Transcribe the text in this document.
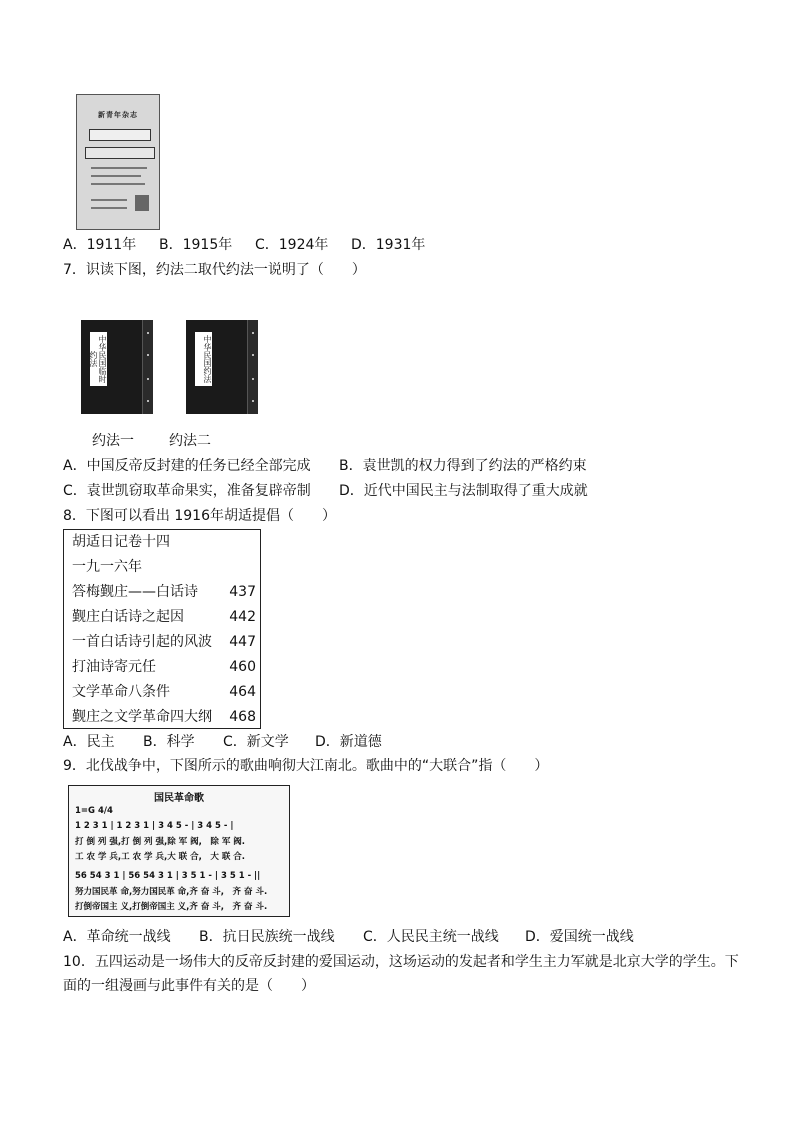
新青年杂志
A．1911年 B．1915年 C．1924年 D．1931年
7．识读下图，约法二取代约法一说明了（　　）
中华民国临时约法	中华民国约法
约法一	约法二
A．中国反帝反封建的任务已经全部完成 B．袁世凯的权力得到了约法的严格约束
C．袁世凯窃取革命果实，准备复辟帝制 D．近代中国民主与法制取得了重大成就
8．下图可以看出 1916年胡适提倡（　　）
胡适日记卷十四
一九一六年
答梅觐庄——白话诗 437
觐庄白话诗之起因	442
一首白话诗引起的风波 447
打油诗寄元任	460
文学革命八条件	464
觐庄之文学革命四大纲 468
A．民主 B．科学 C．新文学 D．新道德
9．北伐战争中，下图所示的歌曲响彻大江南北。歌曲中的“大联合”指（　　）
国民革命歌
1=G 4/4
1 2 3 1 | 1 2 3 1 | 3 4 5 - | 3 4 5 - |
打 倒 列 强,打 倒 列 强,除 军 阀,　除 军 阀.
工 农 学 兵,工 农 学 兵,大 联 合,　大 联 合.
56 54 3 1 | 56 54 3 1 | 3 5 1 - | 3 5 1 - ||
努力国民革 命,努力国民革 命,齐 奋 斗,　齐 奋 斗.
打倒帝国主 义,打倒帝国主 义,齐 奋 斗,　齐 奋 斗.
A．革命统一战线 B．抗日民族统一战线 C．人民民主统一战线 D．爱国统一战线
10．五四运动是一场伟大的反帝反封建的爱国运动，这场运动的发起者和学生主力军就是北京大学的学生。下
面的一组漫画与此事件有关的是（　　）
